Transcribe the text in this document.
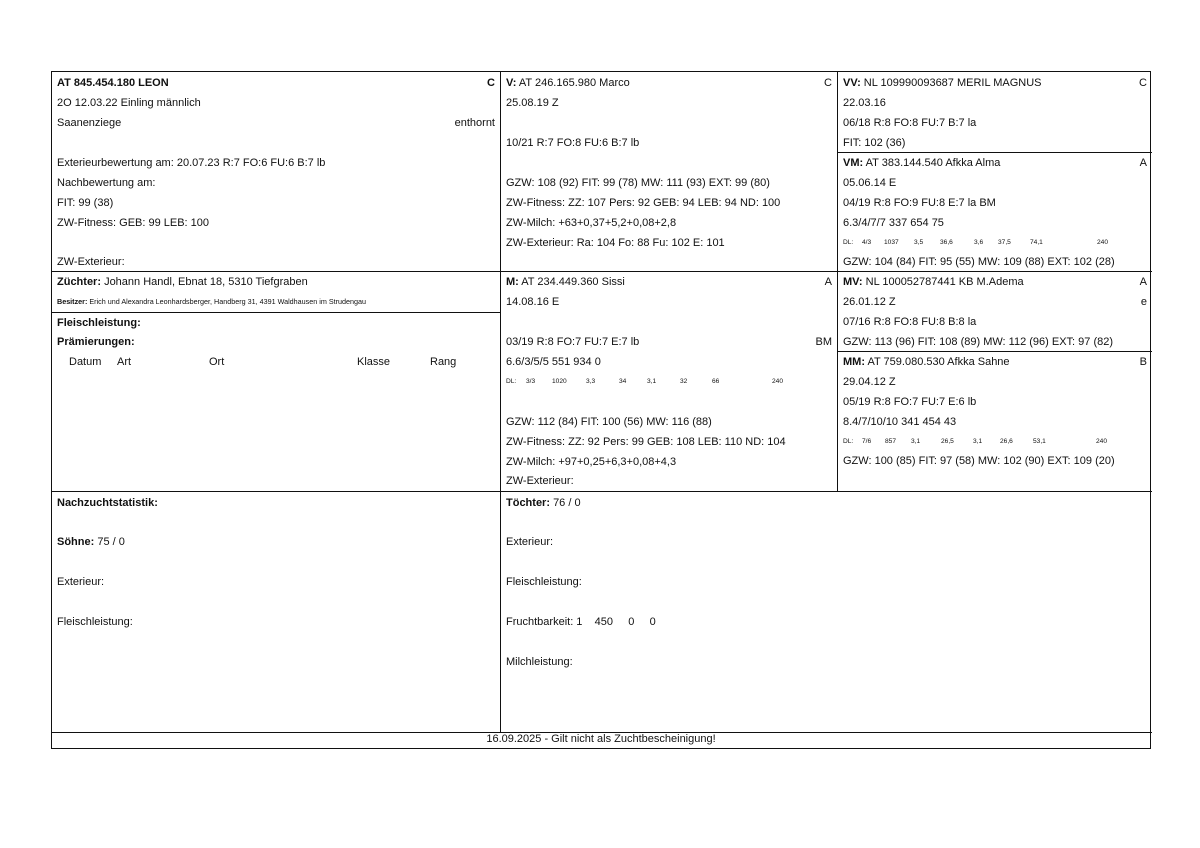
AT 845.454.180 LEON	C
2O 12.03.22 Einling männlich
Saanenziege	enthornt
Exterieurbewertung am: 20.07.23 R:7 FO:6 FU:6 B:7 lb
Nachbewertung am:
FIT: 99 (38)
ZW-Fitness: GEB: 99 LEB: 100
ZW-Exterieur:
Züchter: Johann Handl, Ebnat 18, 5310 Tiefgraben
Besitzer: Erich und Alexandra Leonhardsberger, Handberg 31, 4391 Waldhausen im Strudengau
Fleischleistung:
Prämierungen:
Datum Art	Ort	Klasse	Rang
V: AT 246.165.980 Marco	C
25.08.19 Z
10/21 R:7 FO:8 FU:6 B:7 lb
GZW: 108 (92) FIT: 99 (78) MW: 111 (93) EXT: 99 (80)
ZW-Fitness: ZZ: 107 Pers: 92 GEB: 94 LEB: 94 ND: 100
ZW-Milch: +63+0,37+5,2+0,08+2,8
ZW-Exterieur: Ra: 104 Fo: 88 Fu: 102 E: 101
M: AT 234.449.360 Sissi	A
14.08.16 E
03/19 R:8 FO:7 FU:7 E:7 lb	BM
6.6/3/5/5 551 934 0
DL: 3/3	1020	3,3	34	3,1	32	66	240
GZW: 112 (84) FIT: 100 (56) MW: 116 (88)
ZW-Fitness: ZZ: 92 Pers: 99 GEB: 108 LEB: 110 ND: 104
ZW-Milch: +97+0,25+6,3+0,08+4,3
ZW-Exterieur:
VV: NL 109990093687 MERIL MAGNUS	C
22.03.16
06/18 R:8 FO:8 FU:7 B:7 la
FIT: 102 (36)
VM: AT 383.144.540 Afkka Alma	A
05.06.14 E
04/19 R:8 FO:9 FU:8 E:7 la BM
6.3/4/7/7 337 654 75
DL: 4/3 1037 3,5	36,6	3,6 37,5	74,1	240
GZW: 104 (84) FIT: 95 (55) MW: 109 (88) EXT: 102 (28)
MV: NL 100052787441 KB M.Adema	A
26.01.12 Z	e
07/16 R:8 FO:8 FU:8 B:8 la
GZW: 113 (96) FIT: 108 (89) MW: 112 (96) EXT: 97 (82)
MM: AT 759.080.530 Afkka Sahne	B
29.04.12 Z
05/19 R:8 FO:7 FU:7 E:6 lb
8.4/7/10/10 341 454 43
DL: 7/6 857 3,1	26,5	3,1	26,6	53,1	240
GZW: 100 (85) FIT: 97 (58) MW: 102 (90) EXT: 109 (20)
Nachzuchtstatistik:
Söhne: 75 / 0
Exterieur:
Fleischleistung:
Töchter: 76 / 0
Exterieur:
Fleischleistung:
Fruchtbarkeit: 1    450     0     0
Milchleistung:
16.09.2025 - Gilt nicht als Zuchtbescheinigung!
